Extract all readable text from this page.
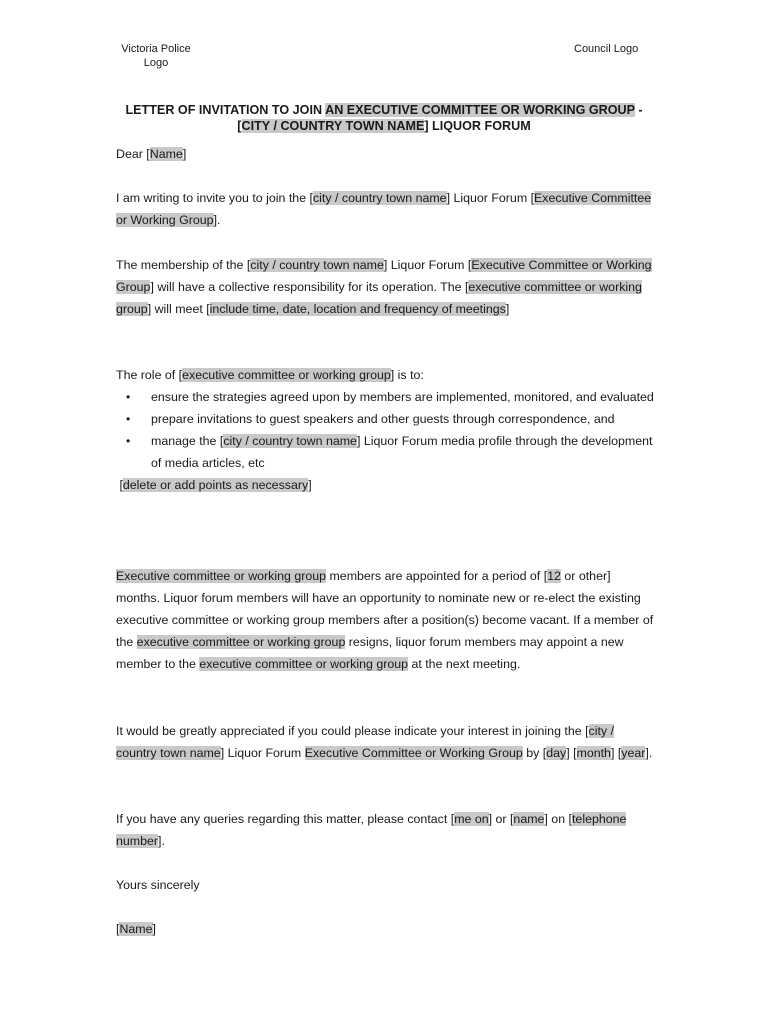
Victoria Police
Logo
Council Logo
LETTER OF INVITATION TO JOIN AN EXECUTIVE COMMITTEE OR WORKING GROUP - [CITY / COUNTRY TOWN NAME] LIQUOR FORUM
Dear [Name]
I am writing to invite you to join the [city / country town name] Liquor Forum [Executive Committee or Working Group].
The membership of the [city / country town name] Liquor Forum [Executive Committee or Working Group] will have a collective responsibility for its operation. The [executive committee or working group] will meet [include time, date, location and frequency of meetings]
The role of [executive committee or working group] is to:
• ensure the strategies agreed upon by members are implemented, monitored, and evaluated
• prepare invitations to guest speakers and other guests through correspondence, and
• manage the [city / country town name] Liquor Forum media profile through the development of media articles, etc
[delete or add points as necessary]
Executive committee or working group members are appointed for a period of [12 or other] months. Liquor forum members will have an opportunity to nominate new or re-elect the existing executive committee or working group members after a position(s) become vacant. If a member of the executive committee or working group resigns, liquor forum members may appoint a new member to the executive committee or working group at the next meeting.
It would be greatly appreciated if you could please indicate your interest in joining the [city / country town name] Liquor Forum Executive Committee or Working Group by [day] [month] [year].
If you have any queries regarding this matter, please contact [me on] or [name] on [telephone number].
Yours sincerely
[Name]
